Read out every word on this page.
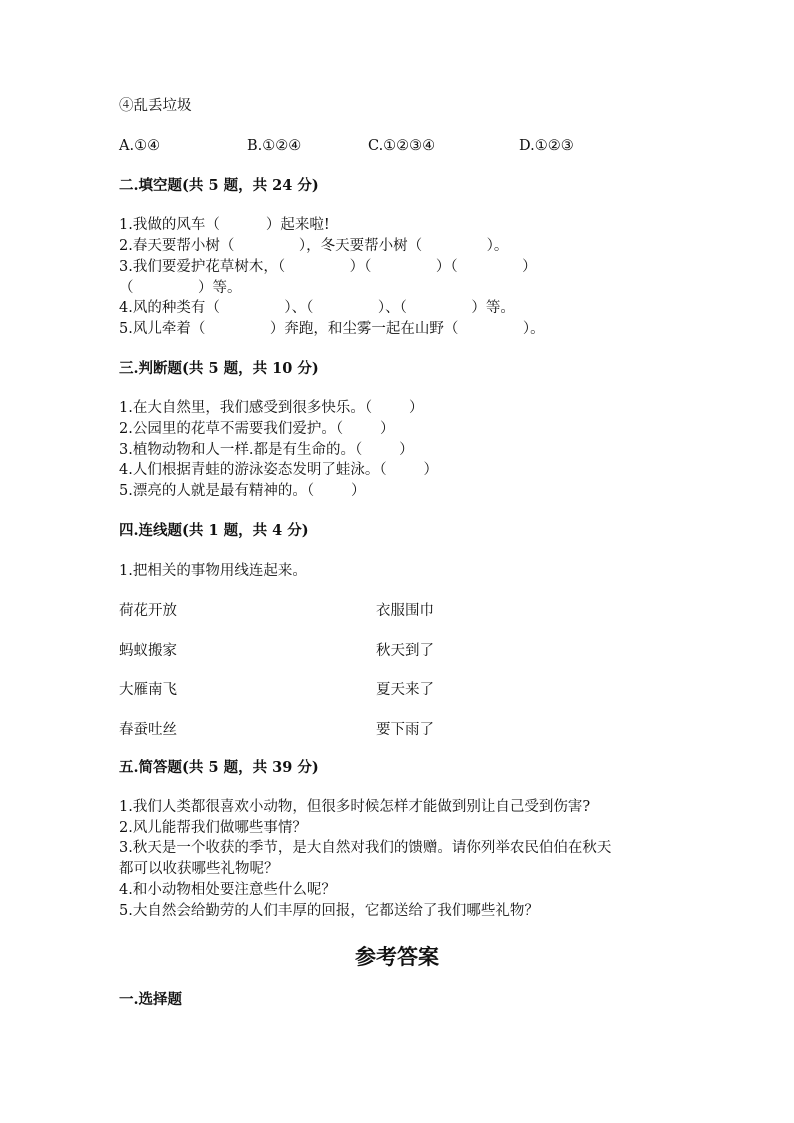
④乱丢垃圾
A.①④	B.①②④	C.①②③④	D.①②③
二.填空题(共 5 题，共 24 分)
1.我做的风车（          ）起来啦!
2.春天要帮小树（              ），冬天要帮小树（              ）。
3.我们要爱护花草树木，（              ）（              ）（              ）
（              ）等。
4.风的种类有（              ）、（              ）、（              ）等。
5.风儿牵着（              ）奔跑，和尘雾一起在山野（              ）。
三.判断题(共 5 题，共 10 分)
1.在大自然里，我们感受到很多快乐。（        ）
2.公园里的花草不需要我们爱护。（        ）
3.植物动物和人一样.都是有生命的。（        ）
4.人们根据青蛙的游泳姿态发明了蛙泳。（        ）
5.漂亮的人就是最有精神的。（        ）
四.连线题(共 1 题，共 4 分)
1.把相关的事物用线连起来。
荷花开放	衣服围巾
蚂蚁搬家	秋天到了
大雁南飞	夏天来了
春蚕吐丝	要下雨了
五.简答题(共 5 题，共 39 分)
1.我们人类都很喜欢小动物，但很多时候怎样才能做到别让自己受到伤害?
2.风儿能帮我们做哪些事情？
3.秋天是一个收获的季节，是大自然对我们的馈赠。请你列举农民伯伯在秋天
都可以收获哪些礼物呢？
4.和小动物相处要注意些什么呢？
5.大自然会给勤劳的人们丰厚的回报，它都送给了我们哪些礼物？
参考答案
一.选择题
